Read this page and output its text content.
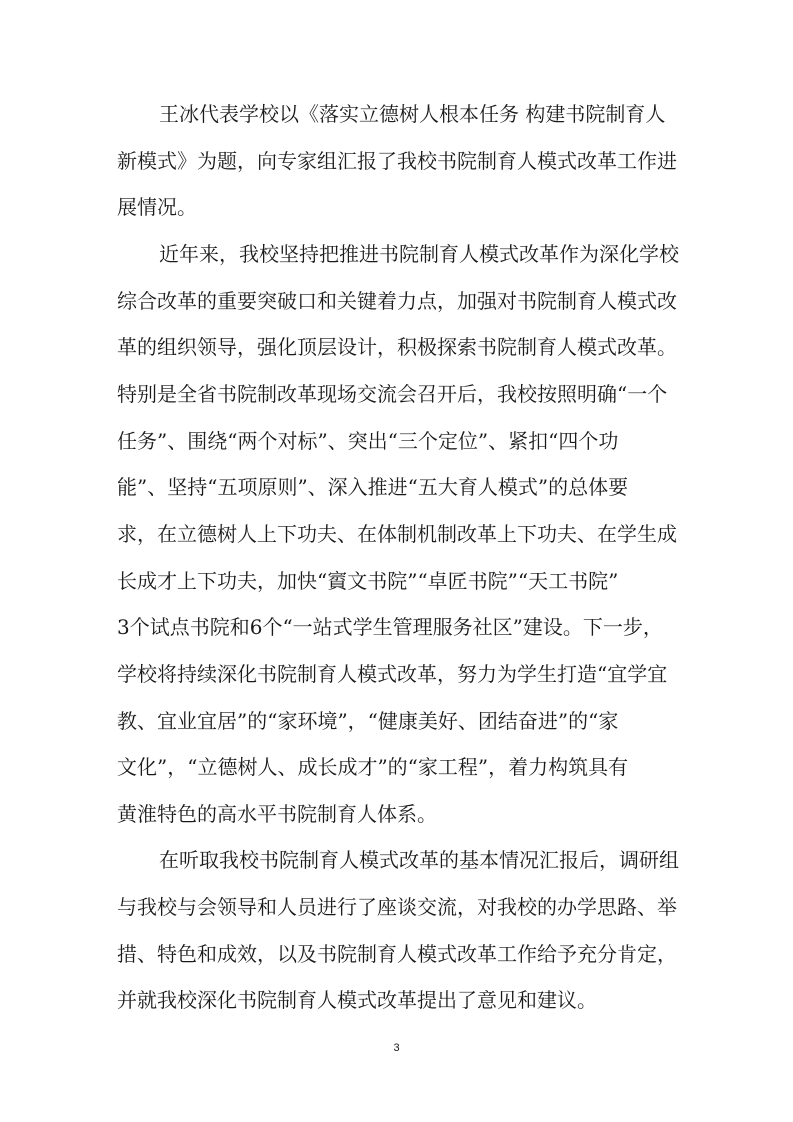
王冰代表学校以《落实立德树人根本任务 构建书院制育人
新模式》为题，向专家组汇报了我校书院制育人模式改革工作进
展情况。
近年来，我校坚持把推进书院制育人模式改革作为深化学校
综合改革的重要突破口和关键着力点，加强对书院制育人模式改
革的组织领导，强化顶层设计，积极探索书院制育人模式改革。
特别是全省书院制改革现场交流会召开后，我校按照明确“一个
任务”、围绕“两个对标”、突出“三个定位”、紧扣“四个功
能”、坚持“五项原则”、深入推进“五大育人模式”的总体要
求，在立德树人上下功夫、在体制机制改革上下功夫、在学生成
长成才上下功夫，加快“賨文书院”“卓匠书院”“天工书院”
3个试点书院和6个“一站式学生管理服务社区”建设。下一步，
学校将持续深化书院制育人模式改革，努力为学生打造“宜学宜
教、宜业宜居”的“家环境”，“健康美好、团结奋进”的“家
文化”，“立德树人、成长成才”的“家工程”，着力构筑具有
黄淮特色的高水平书院制育人体系。
在听取我校书院制育人模式改革的基本情况汇报后，调研组
与我校与会领导和人员进行了座谈交流，对我校的办学思路、举
措、特色和成效，以及书院制育人模式改革工作给予充分肯定，
并就我校深化书院制育人模式改革提出了意见和建议。
3
